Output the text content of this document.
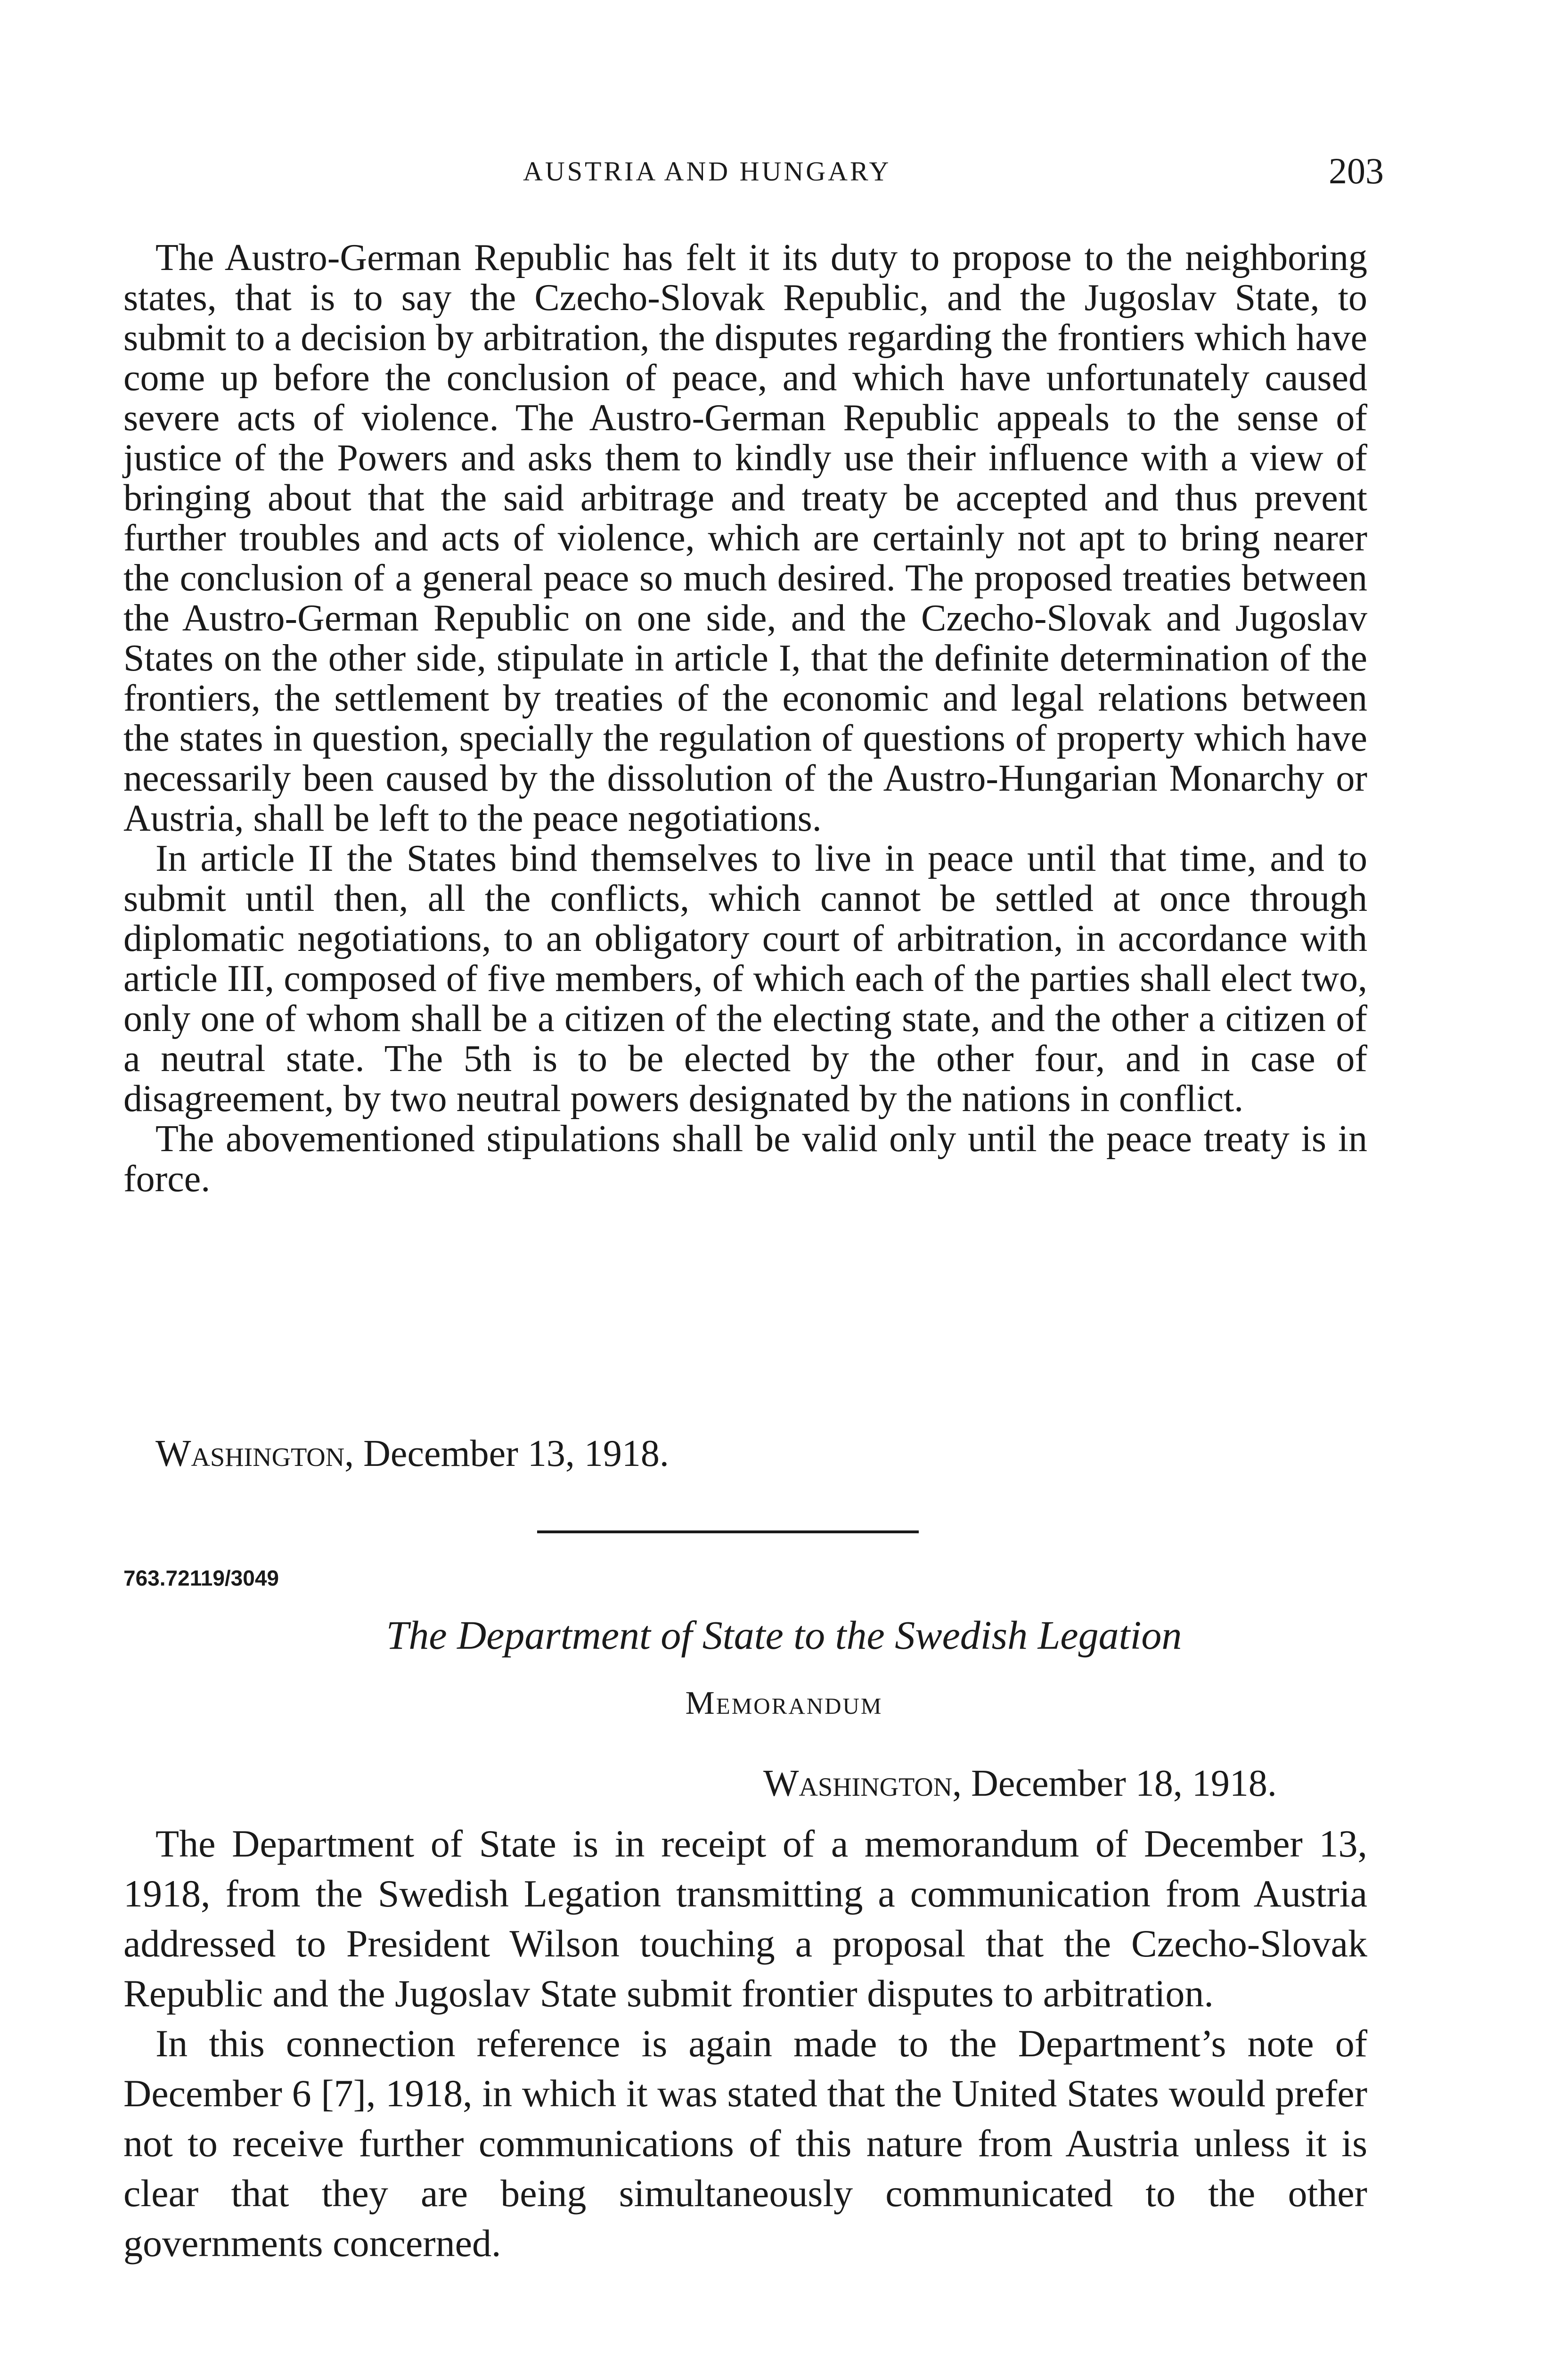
AUSTRIA AND HUNGARY	203

The Austro-German Republic has felt it its duty to propose to the neighboring states, that is to say the Czecho-Slovak Republic, and the Jugoslav State, to submit to a decision by arbitration, the disputes regarding the frontiers which have come up before the conclusion of peace, and which have unfortunately caused severe acts of violence. The Austro-German Republic appeals to the sense of justice of the Powers and asks them to kindly use their influence with a view of bringing about that the said arbitrage and treaty be accepted and thus prevent further troubles and acts of violence, which are certainly not apt to bring nearer the conclusion of a general peace so much desired. The proposed treaties between the Austro-German Republic on one side, and the Czecho-Slovak and Jugoslav States on the other side, stipulate in article I, that the definite determination of the frontiers, the settlement by treaties of the economic and legal relations between the states in question, specially the regulation of questions of property which have necessarily been caused by the dissolution of the Austro-Hungarian Monarchy or Austria, shall be left to the peace negotiations.

In article II the States bind themselves to live in peace until that time, and to submit until then, all the conflicts, which cannot be settled at once through diplomatic negotiations, to an obligatory court of arbitration, in accordance with article III, composed of five members, of which each of the parties shall elect two, only one of whom shall be a citizen of the electing state, and the other a citizen of a neutral state. The 5th is to be elected by the other four, and in case of disagreement, by two neutral powers designated by the nations in conflict.

The abovementioned stipulations shall be valid only until the peace treaty is in force.

Washington, December 13, 1918.
763.72119/3049
The Department of State to the Swedish Legation
Memorandum
Washington, December 18, 1918.

The Department of State is in receipt of a memorandum of December 13, 1918, from the Swedish Legation transmitting a communication from Austria addressed to President Wilson touching a proposal that the Czecho-Slovak Republic and the Jugoslav State submit frontier disputes to arbitration.

In this connection reference is again made to the Department’s note of December 6 [7], 1918, in which it was stated that the United States would prefer not to receive further communications of this nature from Austria unless it is clear that they are being simultaneously communicated to the other governments concerned.
